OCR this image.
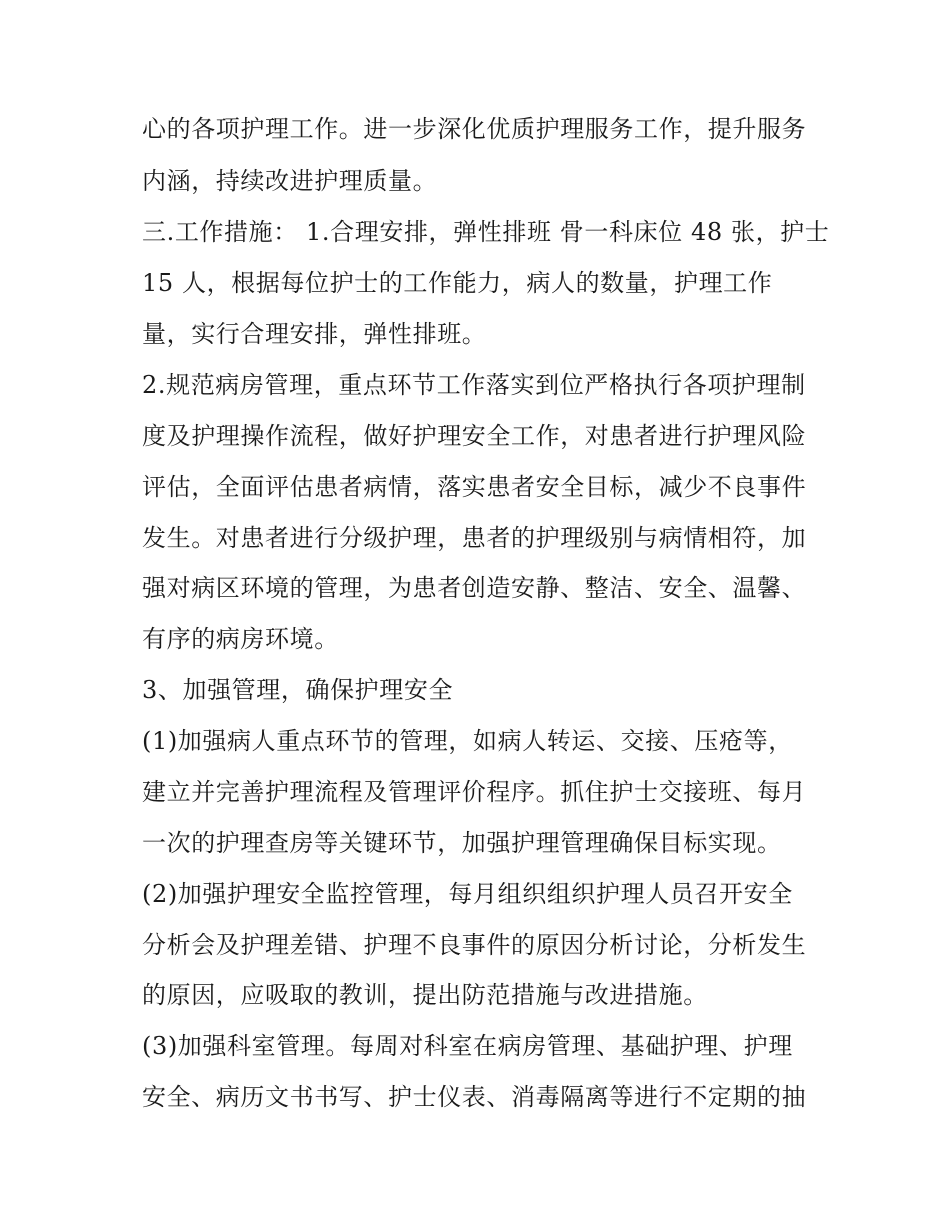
心的各项护理工作。进一步深化优质护理服务工作，提升服务
内涵，持续改进护理质量。
三.工作措施： 1.合理安排，弹性排班 骨一科床位 48 张，护士
15 人，根据每位护士的工作能力，病人的数量，护理工作
量，实行合理安排，弹性排班。
2.规范病房管理，重点环节工作落实到位严格执行各项护理制
度及护理操作流程，做好护理安全工作，对患者进行护理风险
评估，全面评估患者病情，落实患者安全目标，减少不良事件
发生。对患者进行分级护理，患者的护理级别与病情相符，加
强对病区环境的管理，为患者创造安静、整洁、安全、温馨、
有序的病房环境。
3、加强管理，确保护理安全
(1)加强病人重点环节的管理，如病人转运、交接、压疮等，
建立并完善护理流程及管理评价程序。抓住护士交接班、每月
一次的护理查房等关键环节，加强护理管理确保目标实现。
(2)加强护理安全监控管理，每月组织组织护理人员召开安全
分析会及护理差错、护理不良事件的原因分析讨论，分析发生
的原因，应吸取的教训，提出防范措施与改进措施。
(3)加强科室管理。每周对科室在病房管理、基础护理、护理
安全、病历文书书写、护士仪表、消毒隔离等进行不定期的抽
